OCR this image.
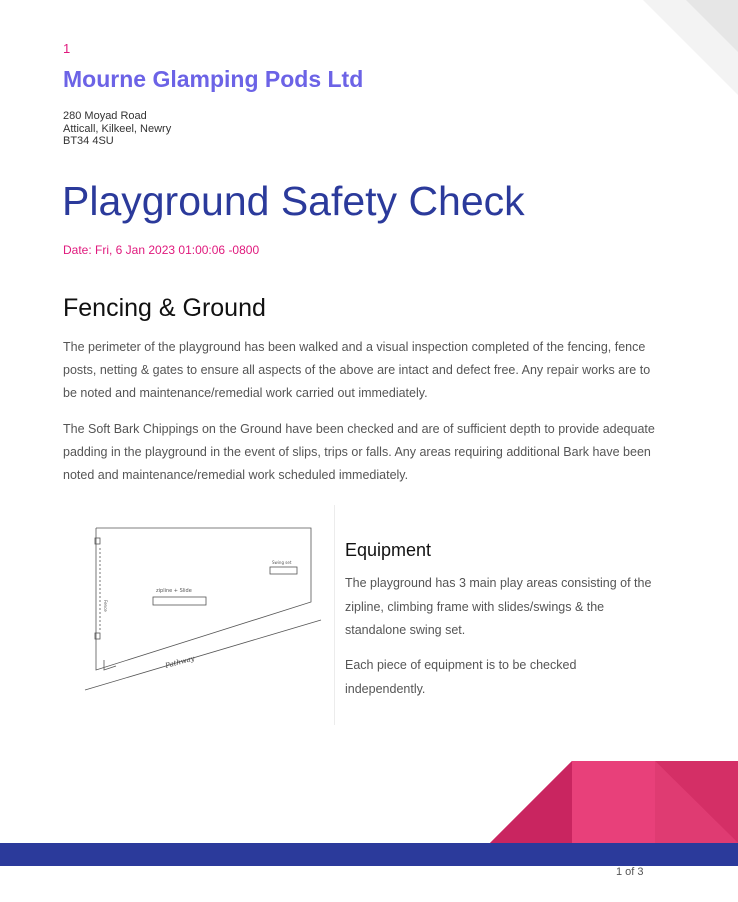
1
Mourne Glamping Pods Ltd
280 Moyad Road
Atticall, Kilkeel, Newry
BT34 4SU
Playground Safety Check
Date: Fri, 6 Jan 2023 01:00:06 -0800
Fencing & Ground
The perimeter of the playground has been walked and a visual inspection completed of the fencing, fence posts, netting & gates to ensure all aspects of the above are intact and defect free. Any repair works are to be noted and maintenance/remedial work carried out immediately.
The Soft Bark Chippings on the Ground have been checked and are of sufficient depth to provide adequate padding in the playground in the event of slips, trips or falls. Any areas requiring additional Bark have been noted and maintenance/remedial work scheduled immediately.
zipline + Slide
Swing set
Pathway
Fence
Equipment
The playground has 3 main play areas consisting of the zipline, climbing frame with slides/swings & the standalone swing set.
Each piece of equipment is to be checked independently.
1 of 3
